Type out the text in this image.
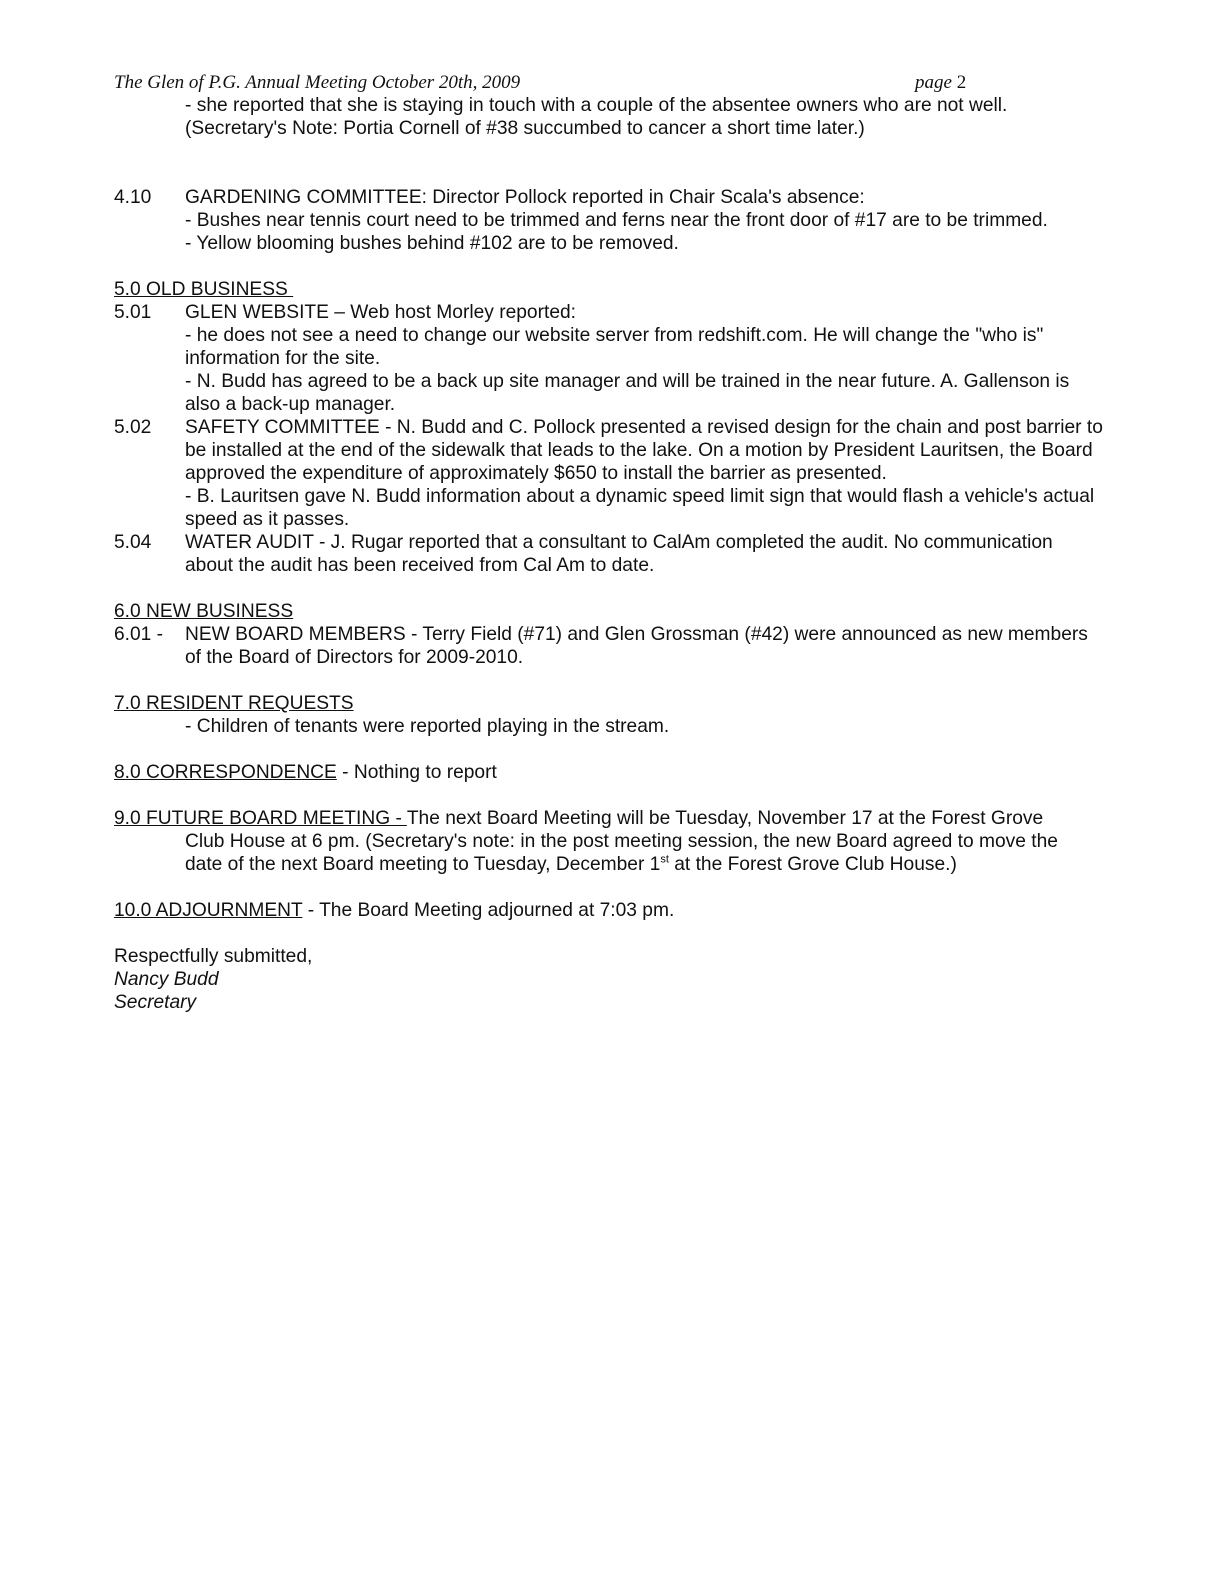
The Glen of P.G. Annual Meeting October 20th, 2009	page 2
- she reported that she is staying in touch with a couple of the absentee owners who are not well.
(Secretary's Note: Portia Cornell of #38 succumbed to cancer a short time later.)
4.10	GARDENING COMMITTEE: Director Pollock reported in Chair Scala's absence:
- Bushes near tennis court need to be trimmed and ferns near the front door of #17 are to be trimmed.
- Yellow blooming bushes behind #102 are to be removed.
5.0 OLD BUSINESS
5.01	GLEN WEBSITE – Web host Morley reported:
- he does not see a need to change our website server from redshift.com. He will change the "who is" information for the site.
- N. Budd has agreed to be a back up site manager and will be trained in the near future. A. Gallenson is also a back-up manager.
5.02	SAFETY COMMITTEE - N. Budd and C. Pollock presented a revised design for the chain and post barrier to be installed at the end of the sidewalk that leads to the lake. On a motion by President Lauritsen, the Board approved the expenditure of approximately $650 to install the barrier as presented.
- B. Lauritsen gave N. Budd information about a dynamic speed limit sign that would flash a vehicle's actual speed as it passes.
5.04	WATER AUDIT - J. Rugar reported that a consultant to CalAm completed the audit. No communication about the audit has been received from Cal Am to date.
6.0 NEW BUSINESS
6.01 -	NEW BOARD MEMBERS - Terry Field (#71) and Glen Grossman (#42) were announced as new members of the Board of Directors for 2009-2010.
7.0 RESIDENT REQUESTS
- Children of tenants were reported playing in the stream.
8.0 CORRESPONDENCE - Nothing to report
9.0 FUTURE BOARD MEETING - The next Board Meeting will be Tuesday, November 17 at the Forest Grove
Club House at 6 pm. (Secretary's note: in the post meeting session, the new Board agreed to move the
date of the next Board meeting to Tuesday, December 1st at the Forest Grove Club House.)
10.0 ADJOURNMENT - The Board Meeting adjourned at 7:03 pm.
Respectfully submitted,
Nancy Budd
Secretary
